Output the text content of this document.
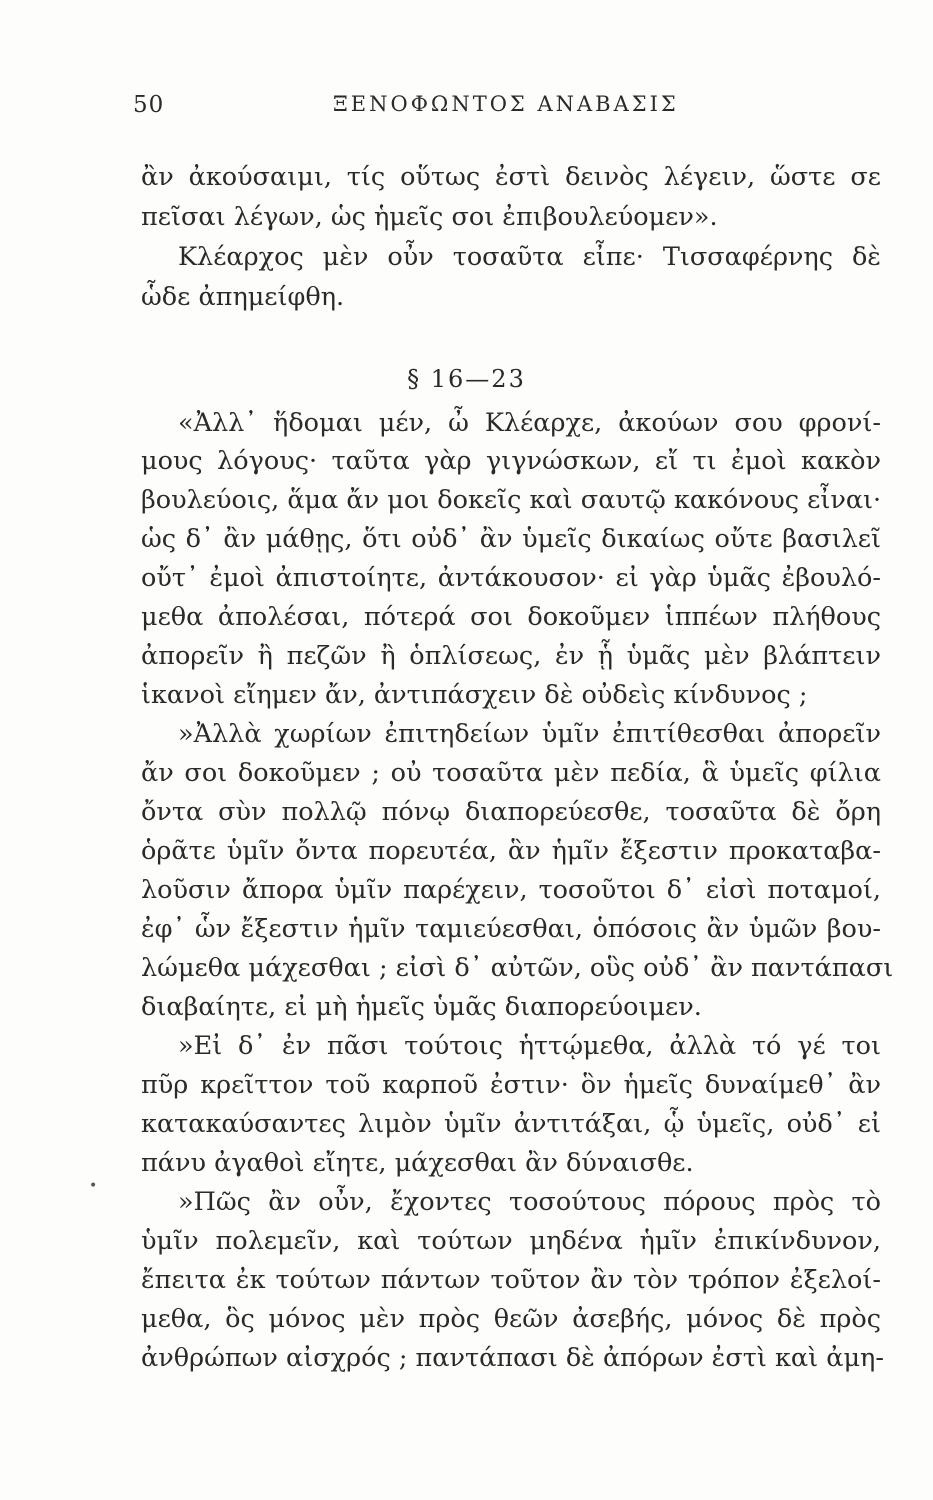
50	ΞΕΝΟΦΩΝΤΟΣ ΑΝΑΒΑΣΙΣ
ἂν ἀκούσαιμι, τίς οὕτως ἐστὶ δεινὸς λέγειν, ὥστε σε
πεῖσαι λέγων, ὡς ἡμεῖς σοι ἐπιβουλεύομεν».
Κλέαρχος μὲν οὖν τοσαῦτα εἶπε· Τισσαφέρνης δὲ
ὧδε ἀπημείφθη.
§ 16—23
«Ἀλλ᾽ ἥδομαι μέν, ὦ Κλέαρχε, ἀκούων σου φρονί-
μους λόγους· ταῦτα γὰρ γιγνώσκων, εἴ τι ἐμοὶ κακὸν
βουλεύοις, ἅμα ἄν μοι δοκεῖς καὶ σαυτῷ κακόνους εἶναι·
ὡς δ᾽ ἂν μάθῃς, ὅτι οὐδ᾽ ἂν ὑμεῖς δικαίως οὔτε βασιλεῖ
οὔτ᾽ ἐμοὶ ἀπιστοίητε, ἀντάκουσον· εἰ γὰρ ὑμᾶς ἐβουλό-
μεθα ἀπολέσαι, πότερά σοι δοκοῦμεν ἱππέων πλήθους
ἀπορεῖν ἢ πεζῶν ἢ ὁπλίσεως, ἐν ᾗ ὑμᾶς μὲν βλάπτειν
ἱκανοὶ εἴημεν ἄν, ἀντιπάσχειν δὲ οὐδεὶς κίνδυνος ;
»Ἀλλὰ χωρίων ἐπιτηδείων ὑμῖν ἐπιτίθεσθαι ἀπορεῖν
ἄν σοι δοκοῦμεν ; οὐ τοσαῦτα μὲν πεδία, ἃ ὑμεῖς φίλια
ὄντα σὺν πολλῷ πόνῳ διαπορεύεσθε, τοσαῦτα δὲ ὄρη
ὁρᾶτε ὑμῖν ὄντα πορευτέα, ἃν ἡμῖν ἔξεστιν προκαταβα-
λοῦσιν ἄπορα ὑμῖν παρέχειν, τοσοῦτοι δ᾽ εἰσὶ ποταμοί,
ἐφ᾽ ὧν ἔξεστιν ἡμῖν ταμιεύεσθαι, ὁπόσοις ἂν ὑμῶν βου-
λώμεθα μάχεσθαι ; εἰσὶ δ᾽ αὐτῶν, οὓς οὐδ᾽ ἂν παντάπασι
διαβαίητε, εἰ μὴ ἡμεῖς ὑμᾶς διαπορεύοιμεν.
»Εἰ δ᾽ ἐν πᾶσι τούτοις ἡττῴμεθα, ἀλλὰ τό γέ τοι
πῦρ κρεῖττον τοῦ καρποῦ ἐστιν· ὃν ἡμεῖς δυναίμεθ᾽ ἂν
κατακαύσαντες λιμὸν ὑμῖν ἀντιτάξαι, ᾧ ὑμεῖς, οὐδ᾽ εἰ
πάνυ ἀγαθοὶ εἴητε, μάχεσθαι ἂν δύναισθε.
»Πῶς ἂν οὖν, ἔχοντες τοσούτους πόρους πρὸς τὸ
ὑμῖν πολεμεῖν, καὶ τούτων μηδένα ἡμῖν ἐπικίνδυνον,
ἔπειτα ἐκ τούτων πάντων τοῦτον ἂν τὸν τρόπον ἐξελοί-
μεθα, ὃς μόνος μὲν πρὸς θεῶν ἀσεβής, μόνος δὲ πρὸς
ἀνθρώπων αἰσχρός ; παντάπασι δὲ ἀπόρων ἐστὶ καὶ ἀμη-
•
